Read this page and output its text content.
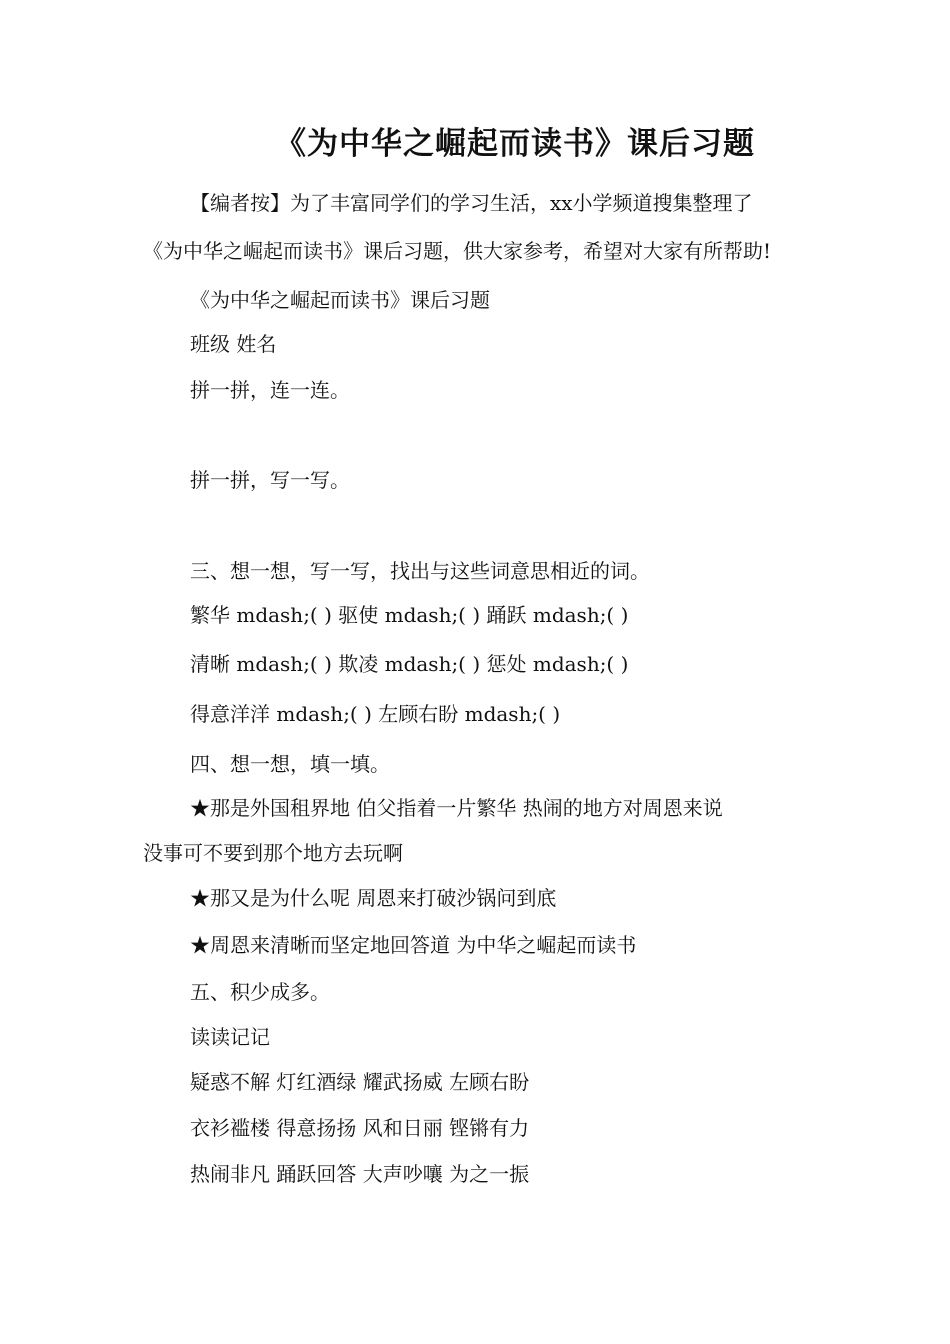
《为中华之崛起而读书》课后习题
【编者按】为了丰富同学们的学习生活，xx小学频道搜集整理了
《为中华之崛起而读书》课后习题，供大家参考，希望对大家有所帮助!
《为中华之崛起而读书》课后习题
班级 姓名
拼一拼，连一连。
拼一拼，写一写。
三、想一想，写一写，找出与这些词意思相近的词。
繁华 mdash;( ) 驱使 mdash;( ) 踊跃 mdash;( )
清晰 mdash;( ) 欺凌 mdash;( ) 惩处 mdash;( )
得意洋洋 mdash;( ) 左顾右盼 mdash;( )
四、想一想，填一填。
★那是外国租界地 伯父指着一片繁华 热闹的地方对周恩来说
没事可不要到那个地方去玩啊
★那又是为什么呢 周恩来打破沙锅问到底
★周恩来清晰而坚定地回答道 为中华之崛起而读书
五、积少成多。
读读记记
疑惑不解 灯红酒绿 耀武扬威 左顾右盼
衣衫褴楼 得意扬扬 风和日丽 铿锵有力
热闹非凡 踊跃回答 大声吵嚷 为之一振
